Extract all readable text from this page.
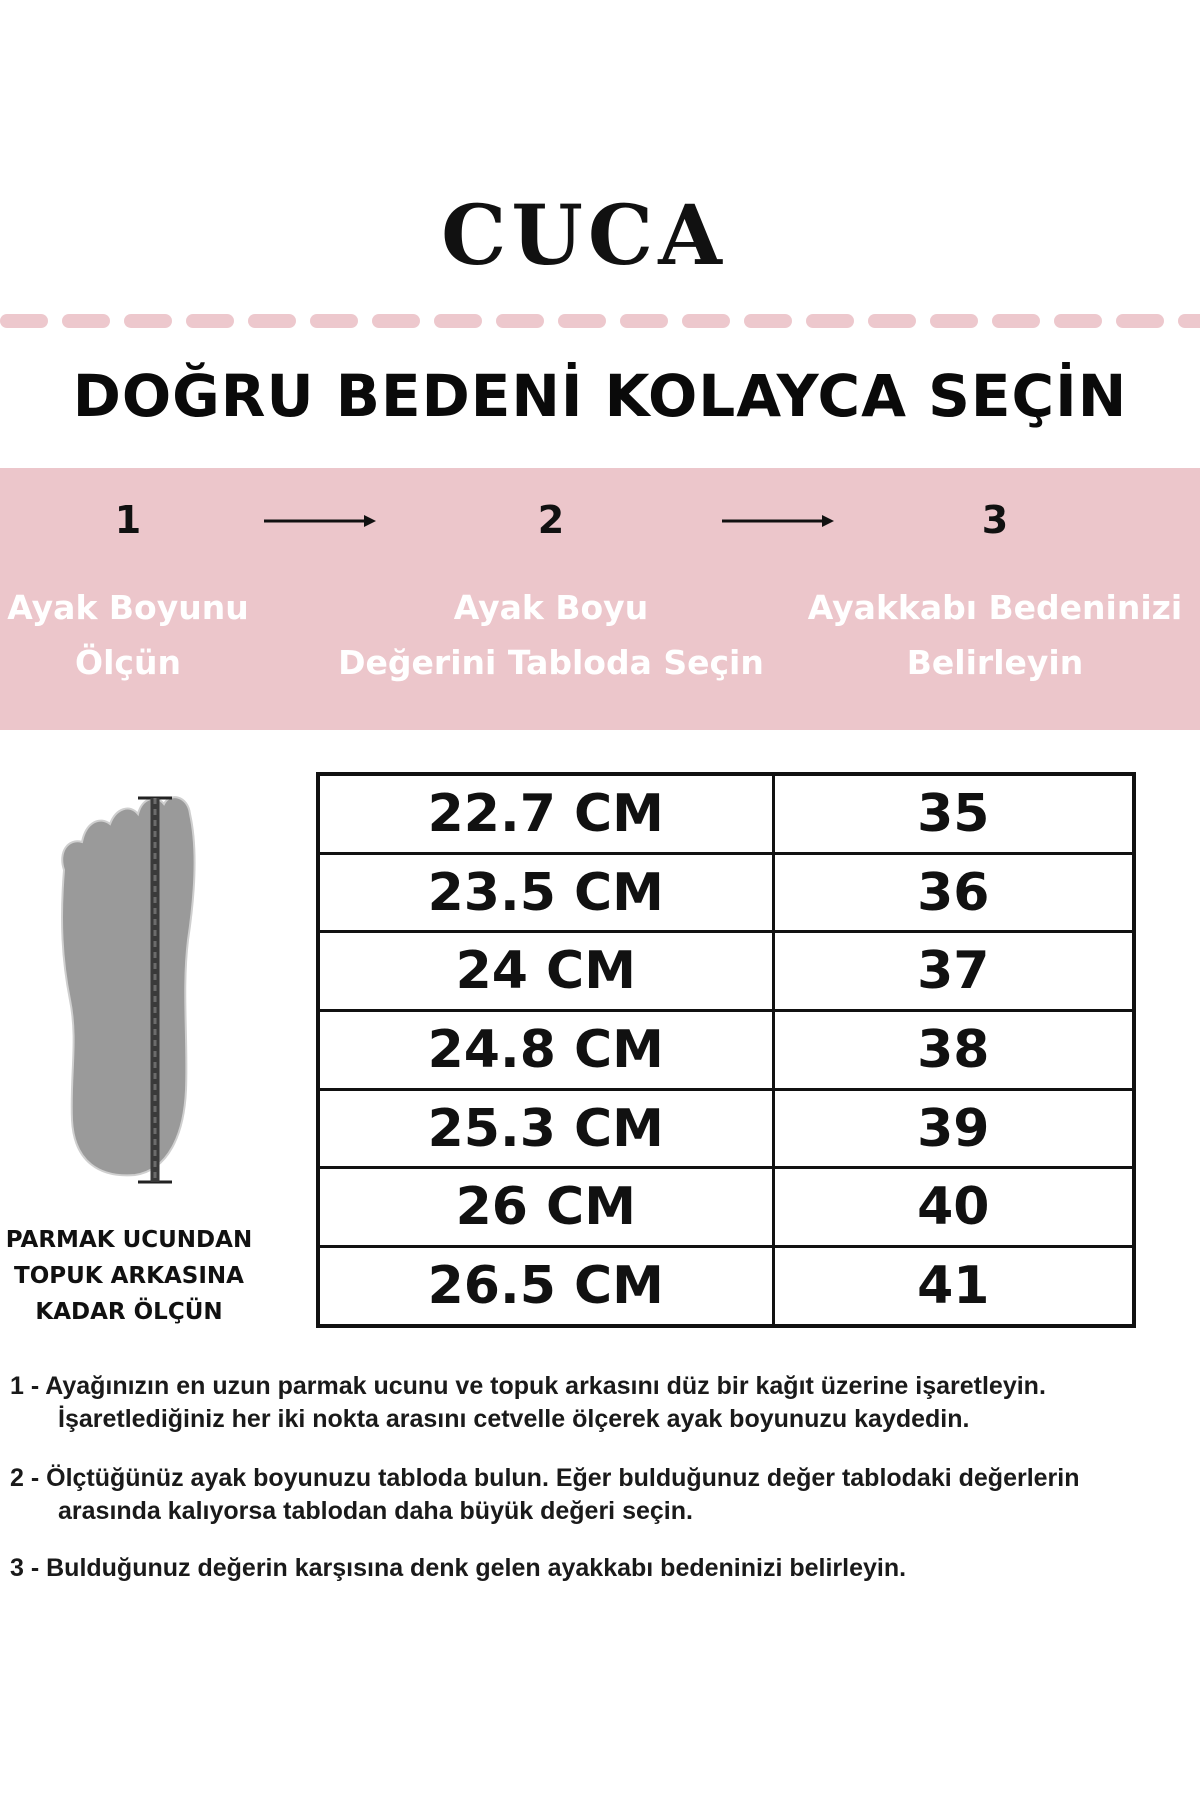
CUCA
DOĞRU BEDENİ KOLAYCA SEÇİN
1
Ayak Boyunu
Ölçün
2
Ayak Boyu
Değerini Tabloda Seçin
3
Ayakkabı Bedeninizi
Belirleyin
PARMAK UCUNDAN
TOPUK ARKASINA
KADAR ÖLÇÜN
22.7 CM	35
23.5 CM	36
24 CM	37
24.8 CM	38
25.3 CM	39
26 CM	40
26.5 CM	41
1 - Ayağınızın en uzun parmak ucunu ve topuk arkasını düz bir kağıt üzerine işaretleyin.
İşaretlediğiniz her iki nokta arasını cetvelle ölçerek ayak boyunuzu kaydedin.
2 - Ölçtüğünüz ayak boyunuzu tabloda bulun. Eğer bulduğunuz değer tablodaki değerlerin
arasında kalıyorsa tablodan daha büyük değeri seçin.
3 - Bulduğunuz değerin karşısına denk gelen ayakkabı bedeninizi belirleyin.
